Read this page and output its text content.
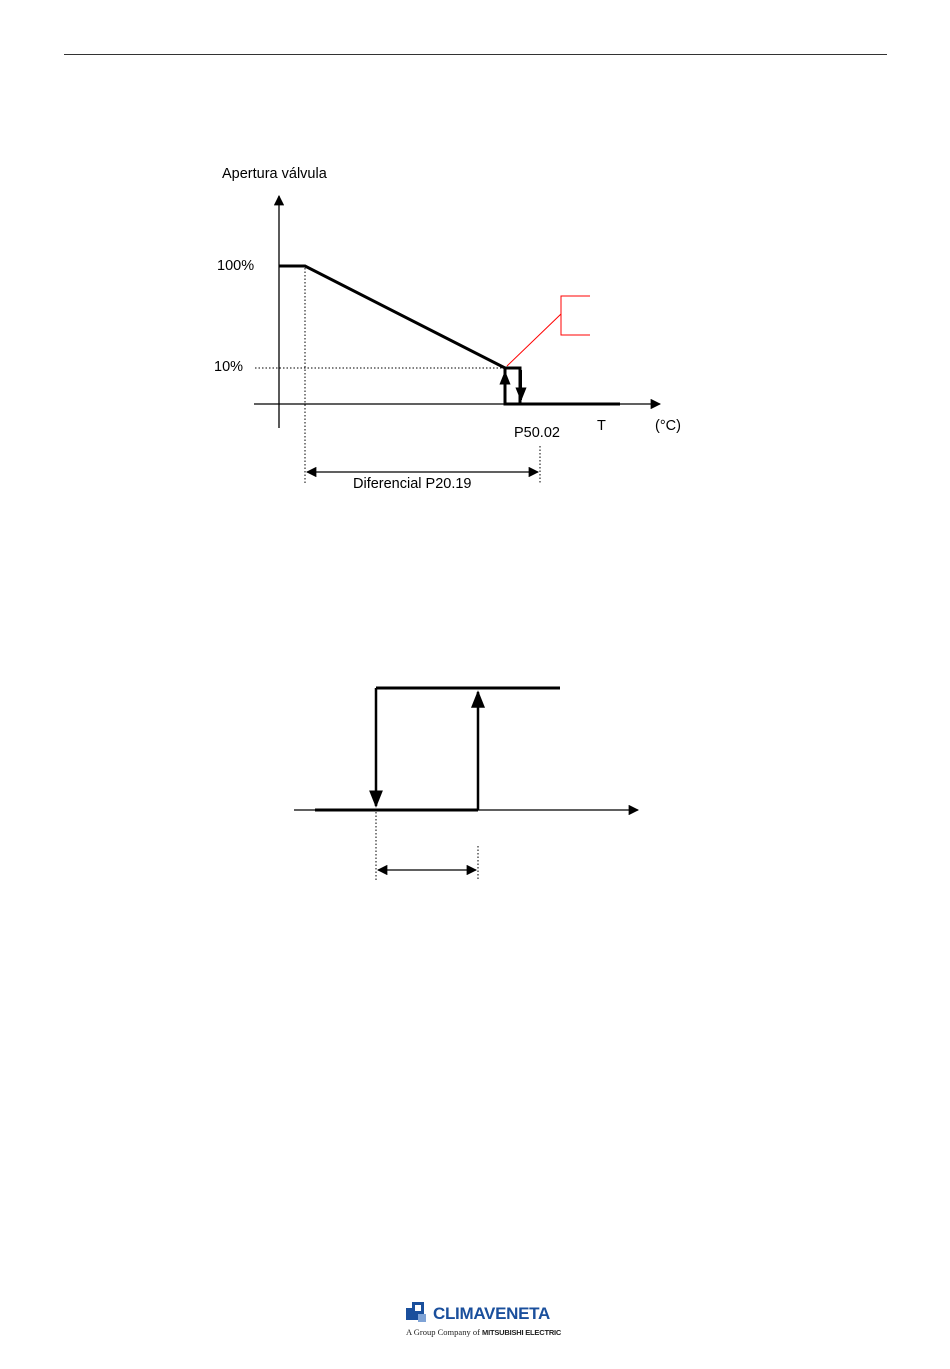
Apertura válvula
100%
10%
P50.02	T	(°C)
Diferencial P20.19
CLIMAVENETA
A Group Company of MITSUBISHI ELECTRIC
